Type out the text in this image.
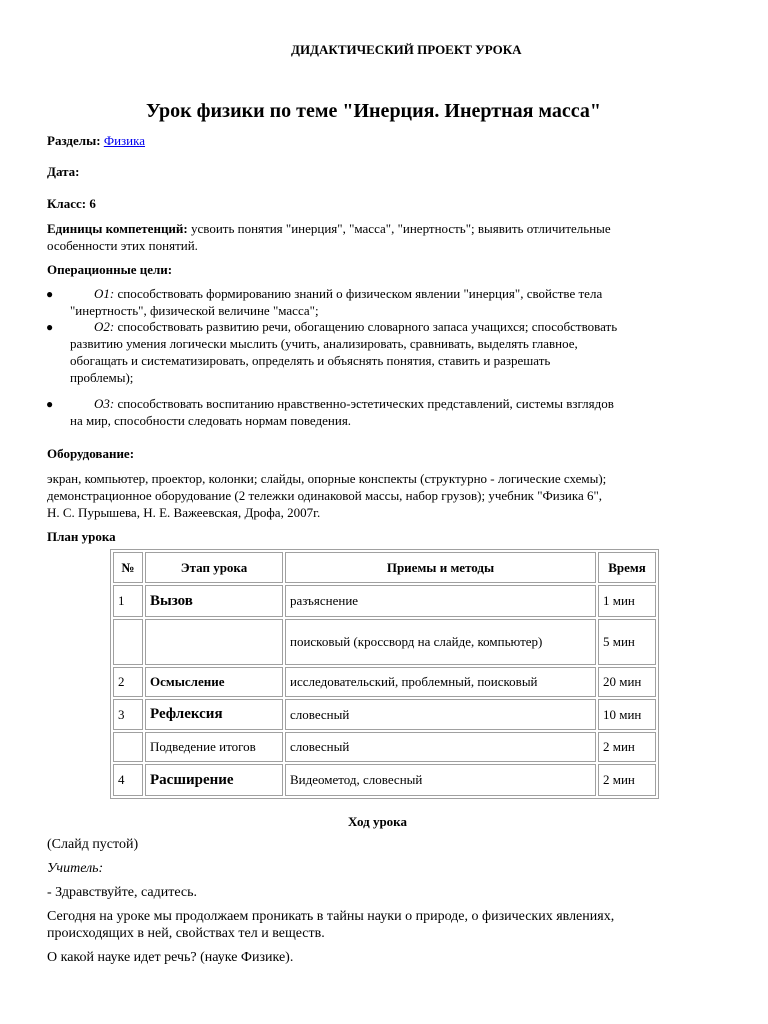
ДИДАКТИЧЕСКИЙ ПРОЕКТ УРОКА
Урок физики по теме "Инерция. Инертная масса"
Разделы: Физика
Дата:
Класс: 6
Единицы компетенций: усвоить понятия "инерция", "масса", "инертность"; выявить отличительные
особенности этих понятий.
Операционные цели:
●	О1: способствовать формированию знаний о физическом явлении "инерция", свойстве тела
"инертность", физической величине "масса";
●	О2: способствовать развитию речи, обогащению словарного запаса учащихся; способствовать
развитию умения логически мыслить (учить, анализировать, сравнивать, выделять главное,
обогащать и систематизировать, определять и объяснять понятия, ставить и разрешать
проблемы);
●	О3: способствовать воспитанию нравственно-эстетических представлений, системы взглядов
на мир, способности следовать нормам поведения.
Оборудование:
экран, компьютер, проектор, колонки; слайды, опорные конспекты (структурно - логические схемы);
демонстрационное оборудование (2 тележки одинаковой массы, набор грузов); учебник "Физика 6",
Н. С. Пурышева, Н. Е. Важеевская, Дрофа, 2007г.
План урока
№	Этап урока	Приемы и методы	Время
1	Вызов	разъяснение	1 мин
		поисковый (кроссворд на слайде, компьютер)	5 мин
2	Осмысление	исследовательский, проблемный, поисковый	20 мин
3	Рефлексия	словесный	10 мин
	Подведение итогов	словесный	2 мин
4	Расширение	Видеометод, словесный	2 мин
Ход урока
(Слайд пустой)
Учитель:
- Здравствуйте, садитесь.
Сегодня на уроке мы продолжаем проникать в тайны науки о природе, о физических явлениях,
происходящих в ней, свойствах тел и веществ.
О какой науке идет речь? (науке Физике).
